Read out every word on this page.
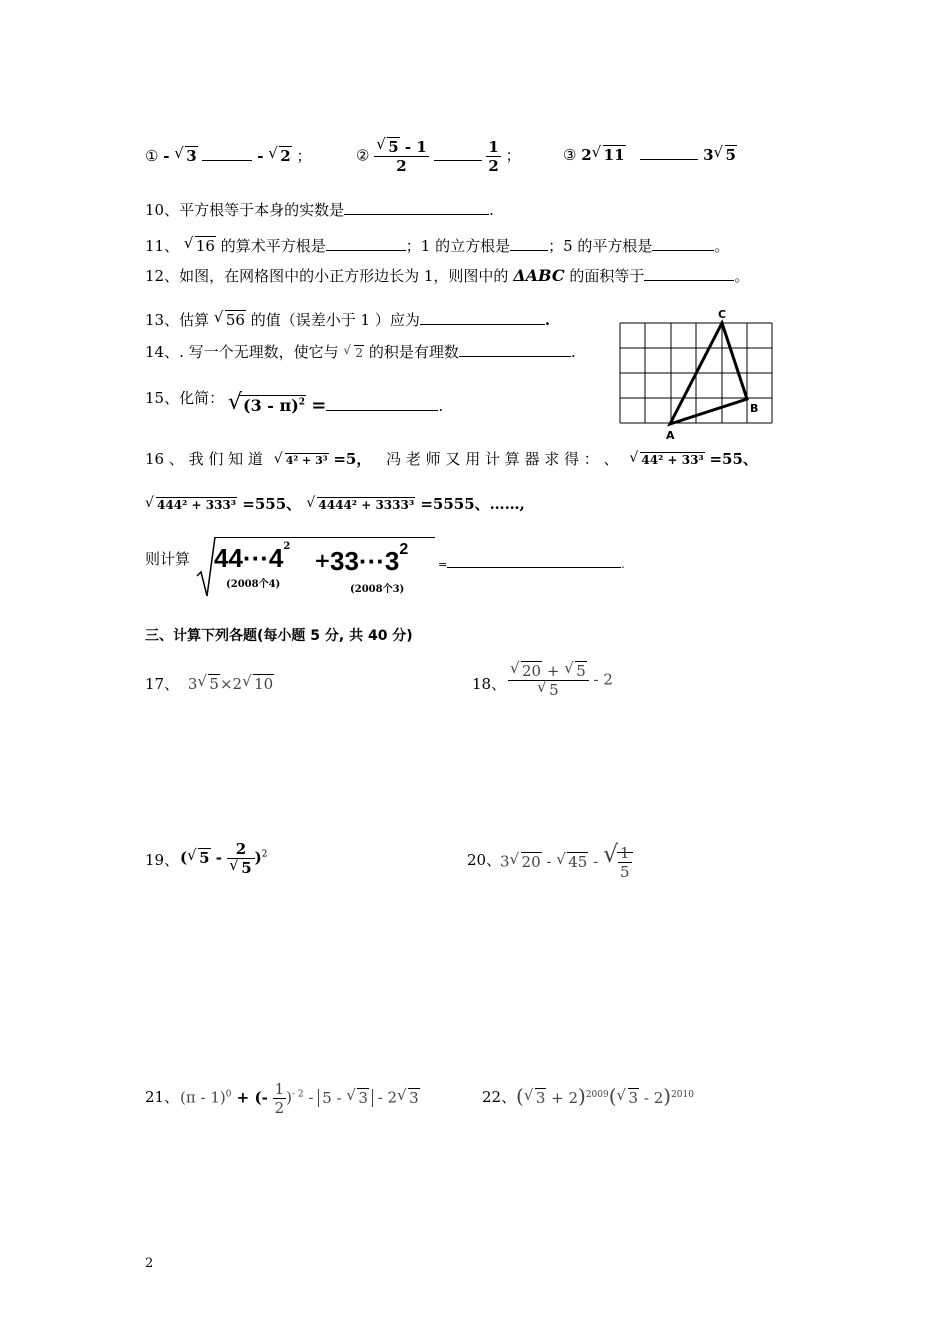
① - √ 3	- √ 2 ；	② $\frac{√ 5 - 1}{2}$
	$\frac{1}{2}$ ；	③ 2 √ 11	3 √ 5
10、平方根等于本身的实数是	.
11、 √ 16 的算术平方根是	；1 的立方根是	；5 的平方根是	。
12、如图，在网格图中的小正方形边长为 1，则图中的 ΔABC 的面积等于	。
13、估算 √ 56 的值（误差小于 1 ）应为	.
14、. 写一个无理数，使它与 √ 2 的积是有理数	.
15、化简： √ (3 - π)$^2$ =	.
C
B
A
16 、 我 们 知 道 √ 4² + 3³ =5， 冯 老 师 又 用 计 算 器 求 得 ： 、 √ 44² + 33³ =55、
√ 444² + 333³ =555、 √ 4444² + 3333³ =5555、……,
则计算 $44\cdot\cdot\cdot 4^2$
(2008个4)
+ 33···32
(2008个3)
=	.
三、计算下列各题(每小题 5 分, 共 40 分)
17、 3 √ 5×2 √ 10	18、 $\frac{√ 20 + √ 5}{√ 5} - 2$
19、 ( √ $5 - \frac{2}{√ 5} )^2$	20、
3 √ 20 - √ 45 - √ $\frac{1}{5}$
21、 (π - 1)$^0$ + (- $\frac{1}{2} )^{- 2} - 5$ - √ 3 - 2 √ 3	22、 ( √ 3 + 2)$^{2009}$( √ 3 - 2)$^{2010}$
2
